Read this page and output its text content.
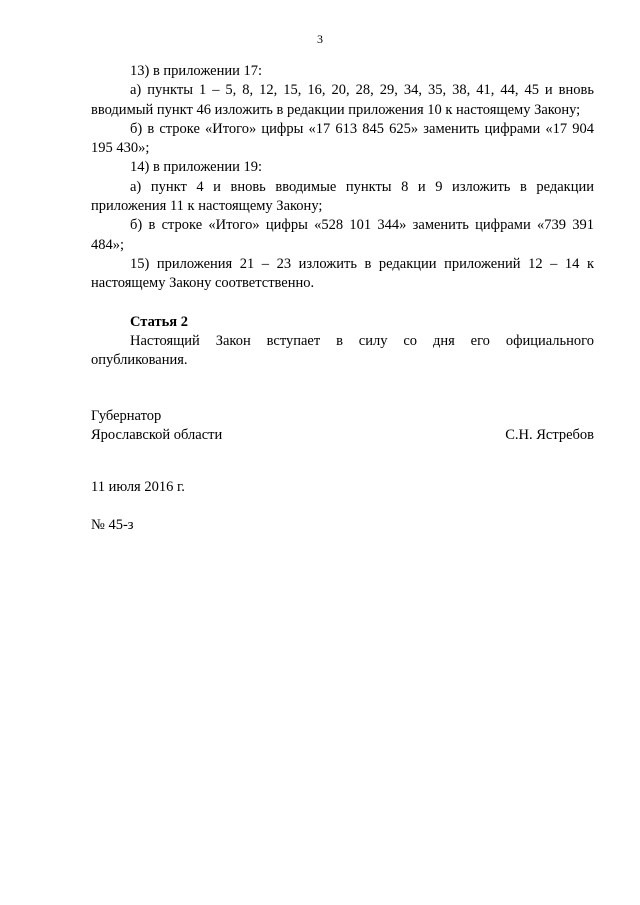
3

13) в приложении 17:

а) пункты 1 – 5, 8, 12, 15, 16, 20, 28, 29, 34, 35, 38, 41, 44, 45 и вновь вводимый пункт 46 изложить в редакции приложения 10 к настоящему Закону;

б) в строке «Итого» цифры «17 613 845 625» заменить цифрами «17 904 195 430»;

14) в приложении 19:

а) пункт 4 и вновь вводимые пункты 8 и 9 изложить в редакции приложения 11 к настоящему Закону;

б) в строке «Итого» цифры «528 101 344» заменить цифрами «739 391 484»;

15) приложения 21 – 23 изложить в редакции приложений 12 – 14 к настоящему Закону соответственно.

Статья 2

Настоящий Закон вступает в силу со дня его официального опубликования.

Губернатор
Ярославской области	С.Н. Ястребов
11 июля 2016 г.
№ 45-з
